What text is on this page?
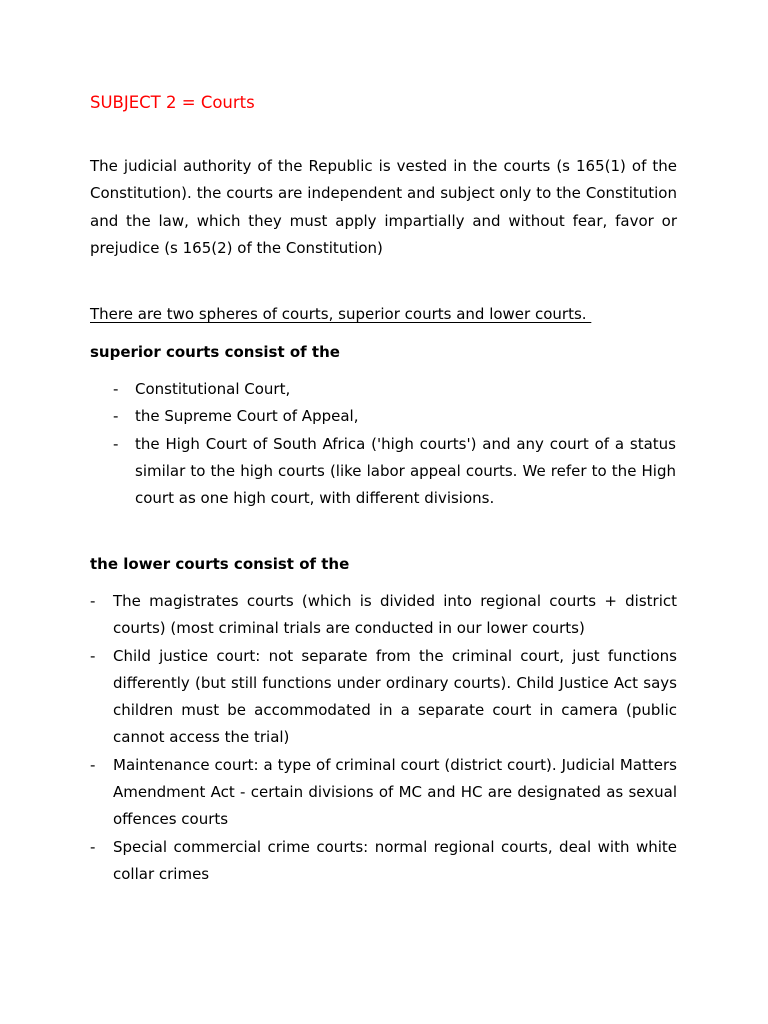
SUBJECT 2 = Courts

The judicial authority of the Republic is vested in the courts (s 165(1) of the Constitution). the courts are independent and subject only to the Constitution and the law, which they must apply impartially and without fear, favor or prejudice (s 165(2) of the Constitution)

There are two spheres of courts, superior courts and lower courts.
superior courts consist of the
- Constitutional Court,
- the Supreme Court of Appeal,
- the High Court of South Africa ('high courts') and any court of a status similar to the high courts (like labor appeal courts. We refer to the High court as one high court, with different divisions.
the lower courts consist of the
- The magistrates courts (which is divided into regional courts + district courts) (most criminal trials are conducted in our lower courts)
- Child justice court: not separate from the criminal court, just functions differently (but still functions under ordinary courts). Child Justice Act says children must be accommodated in a separate court in camera (public cannot access the trial)
- Maintenance court: a type of criminal court (district court). Judicial Matters Amendment Act - certain divisions of MC and HC are designated as sexual offences courts
- Special commercial crime courts: normal regional courts, deal with white collar crimes
